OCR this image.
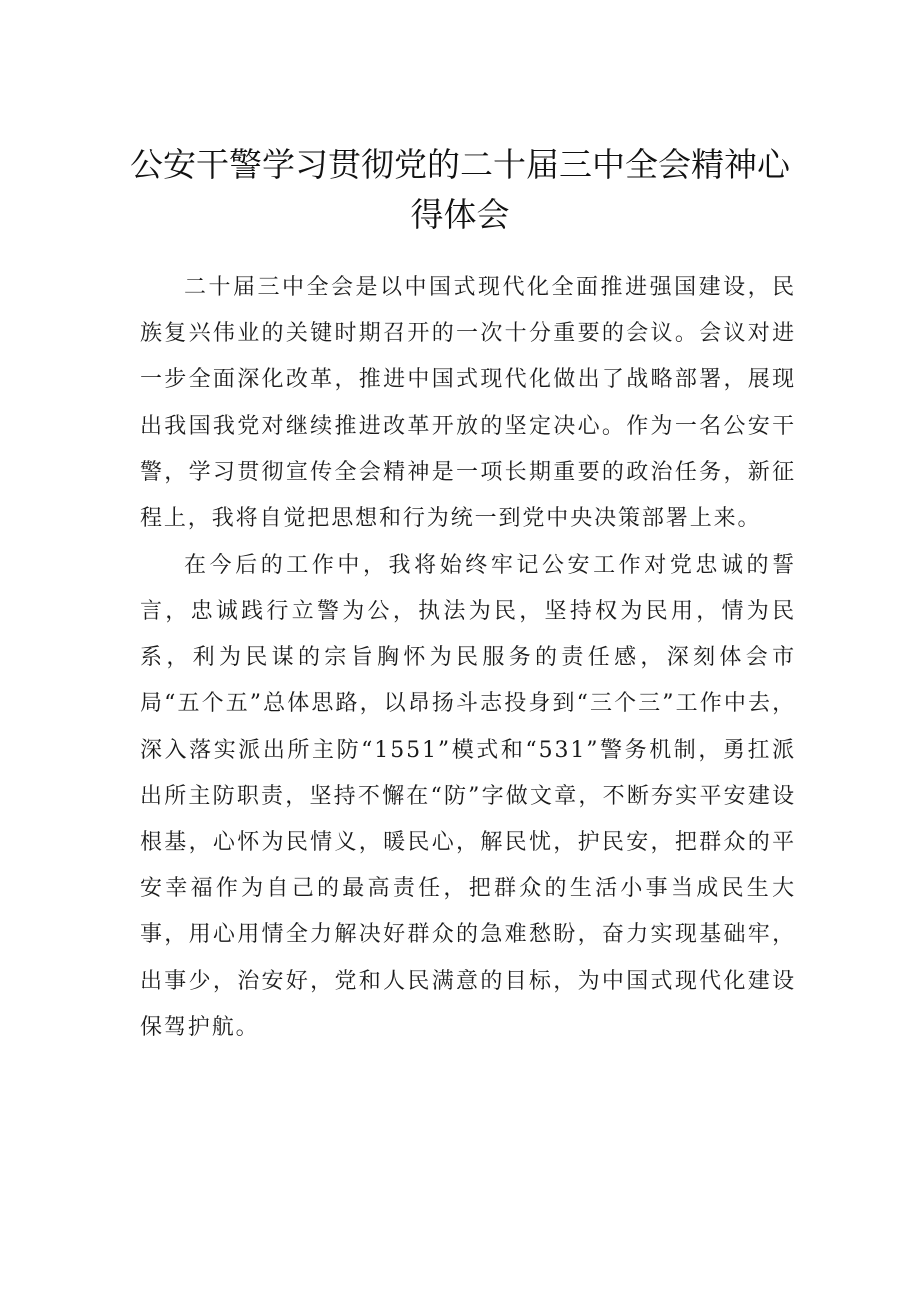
公安干警学习贯彻党的二十届三中全会精神心得体会

二十届三中全会是以中国式现代化全面推进强国建设，民族复兴伟业的关键时期召开的一次十分重要的会议。会议对进一步全面深化改革，推进中国式现代化做出了战略部署，展现出我国我党对继续推进改革开放的坚定决心。作为一名公安干警，学习贯彻宣传全会精神是一项长期重要的政治任务，新征程上，我将自觉把思想和行为统一到党中央决策部署上来。

在今后的工作中，我将始终牢记公安工作对党忠诚的誓言，忠诚践行立警为公，执法为民，坚持权为民用，情为民系，利为民谋的宗旨胸怀为民服务的责任感，深刻体会市局“五个五”总体思路，以昂扬斗志投身到“三个三”工作中去，深入落实派出所主防“1551”模式和“531”警务机制，勇扛派出所主防职责，坚持不懈在“防”字做文章，不断夯实平安建设根基，心怀为民情义，暖民心，解民忧，护民安，把群众的平安幸福作为自己的最高责任，把群众的生活小事当成民生大事，用心用情全力解决好群众的急难愁盼，奋力实现基础牢，出事少，治安好，党和人民满意的目标，为中国式现代化建设保驾护航。
